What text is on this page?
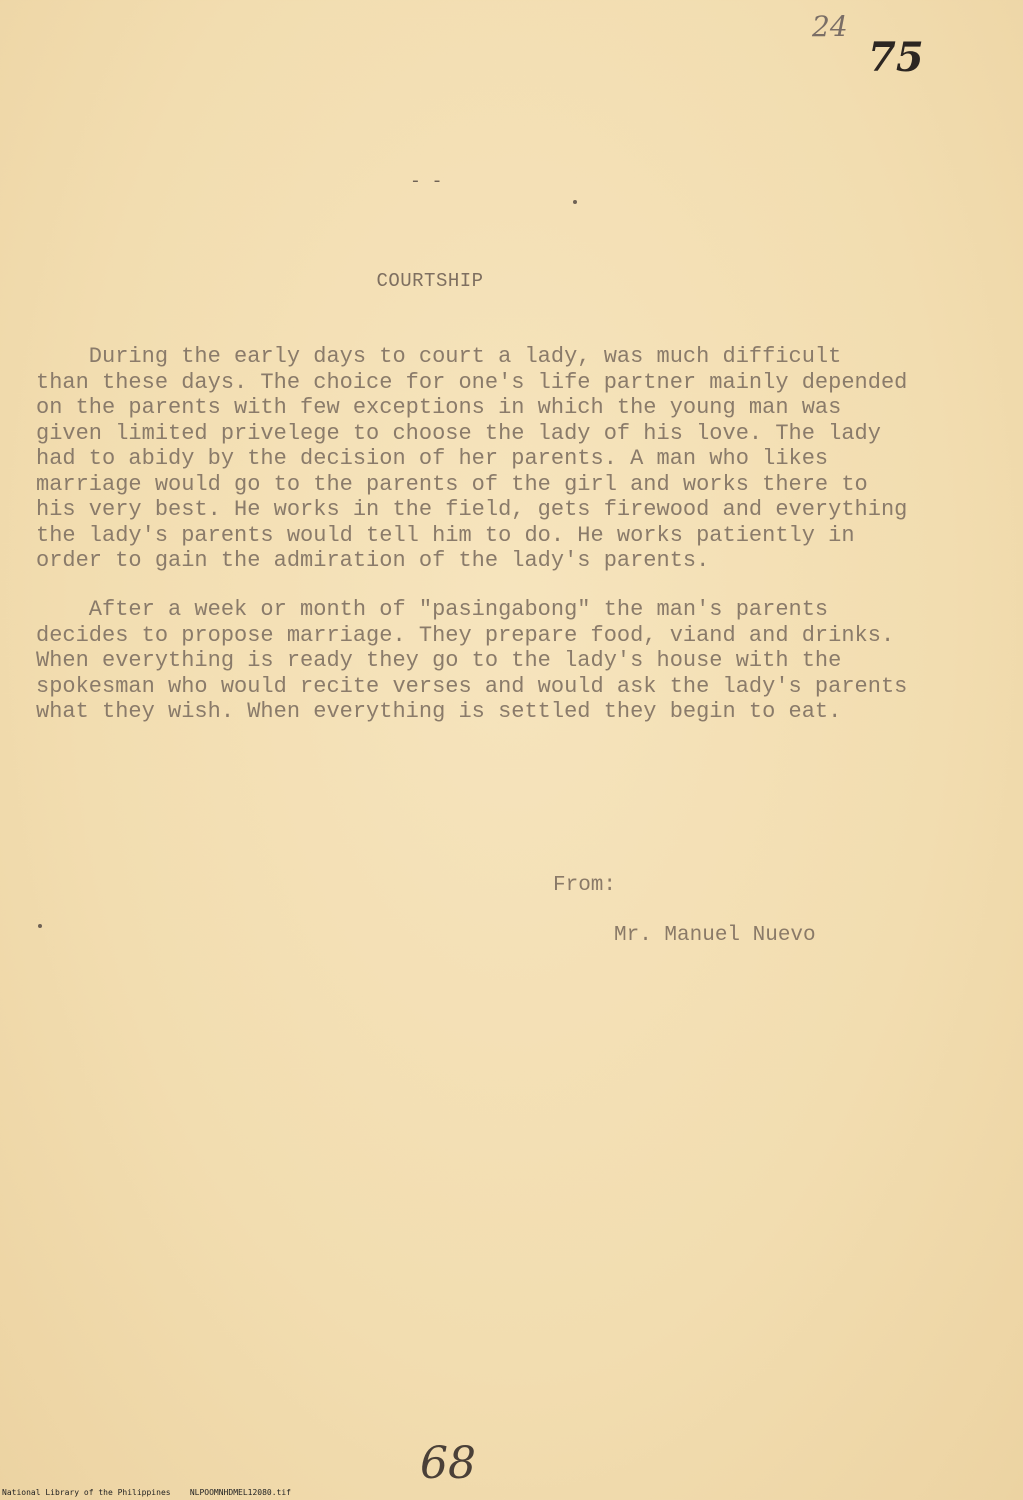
24
75
- -
COURTSHIP
During the early days to court a lady, was much difficult
than these days. The choice for one's life partner mainly depended
on the parents with few exceptions in which the young man was
given limited privelege to choose the lady of his love. The lady
had to abidy by the decision of her parents. A man who likes
marriage would go to the parents of the girl and works there to
his very best. He works in the field, gets firewood and everything
the lady's parents would tell him to do. He works patiently in
order to gain the admiration of the lady's parents.
After a week or month of "pasingabong" the man's parents
decides to propose marriage. They prepare food, viand and drinks.
When everything is ready they go to the lady's house with the
spokesman who would recite verses and would ask the lady's parents
what they wish. When everything is settled they begin to eat.
From:
Mr. Manuel Nuevo
68
National Library of the Philippines    NLPOOMNHDMEL12080.tif
